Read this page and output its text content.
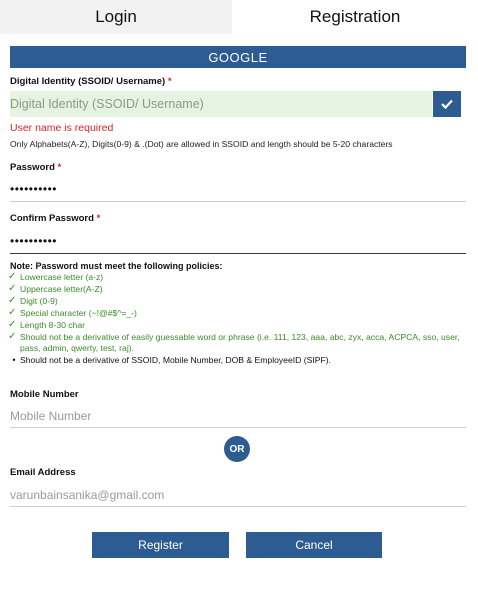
Login	Registration
GOOGLE
Digital Identity (SSOID/ Username) *
Digital Identity (SSOID/ Username)
User name is required
Only Alphabets(A-Z), Digits(0-9) & .(Dot) are allowed in SSOID and length should be 5-20 characters
Password *
••••••••••
Confirm Password *
••••••••••
Note: Password must meet the following policies:
✓ Lowercase letter (a-z)
✓ Uppercase letter(A-Z)
✓ Digit (0-9)
✓ Special character (~!@#$^=_-)
✓ Length 8-30 char
✓ Should not be a derivative of easily guessable word or phrase (i.e. 111, 123, aaa, abc, zyx, acca, ACPCA, sso, user, pass, admin, qwerty, test, raj).
• Should not be a derivative of SSOID, Mobile Number, DOB & EmployeeID (SIPF).
Mobile Number
Mobile Number
OR
Email Address
varunbainsanika@gmail.com
Register	Cancel
